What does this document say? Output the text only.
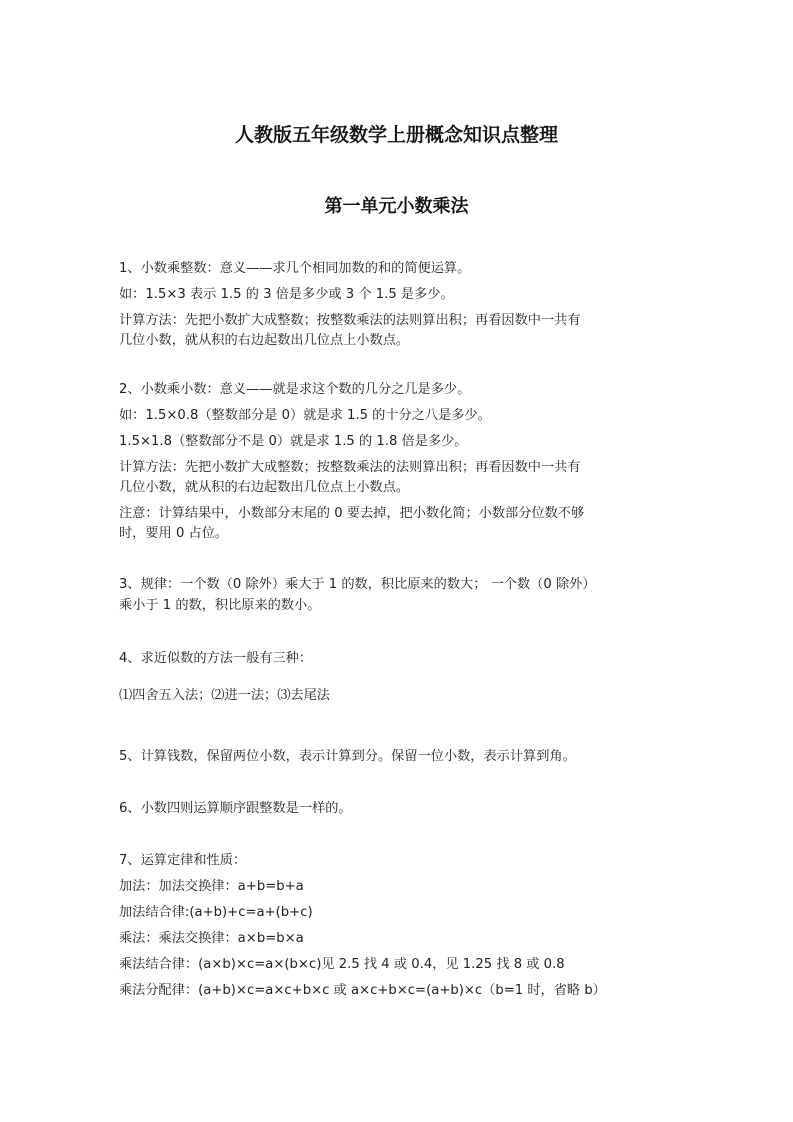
人教版五年级数学上册概念知识点整理
第一单元小数乘法
1、小数乘整数：意义——求几个相同加数的和的简便运算。
如：1.5×3 表示 1.5 的 3 倍是多少或 3 个 1.5 是多少。
计算方法：先把小数扩大成整数；按整数乘法的法则算出积；再看因数中一共有
几位小数，就从积的右边起数出几位点上小数点。
2、小数乘小数：意义——就是求这个数的几分之几是多少。
如：1.5×0.8（整数部分是 0）就是求 1.5 的十分之八是多少。
1.5×1.8（整数部分不是 0）就是求 1.5 的 1.8 倍是多少。
计算方法：先把小数扩大成整数；按整数乘法的法则算出积；再看因数中一共有
几位小数，就从积的右边起数出几位点上小数点。
注意：计算结果中，小数部分末尾的 0 要去掉，把小数化简；小数部分位数不够
时，要用 0 占位。
3、规律：一个数（0 除外）乘大于 1 的数，积比原来的数大； 一个数（0 除外）
乘小于 1 的数，积比原来的数小。
4、求近似数的方法一般有三种：
⑴四舍五入法；⑵进一法；⑶去尾法
5、计算钱数，保留两位小数，表示计算到分。保留一位小数，表示计算到角。
6、小数四则运算顺序跟整数是一样的。
7、运算定律和性质：
加法：加法交换律：a+b=b+a
加法结合律:(a+b)+c=a+(b+c)
乘法：乘法交换律：a×b=b×a
乘法结合律：(a×b)×c=a×(b×c)见 2.5 找 4 或 0.4，见 1.25 找 8 或 0.8
乘法分配律：(a+b)×c=a×c+b×c 或 a×c+b×c=(a+b)×c（b=1 时，省略 b）
